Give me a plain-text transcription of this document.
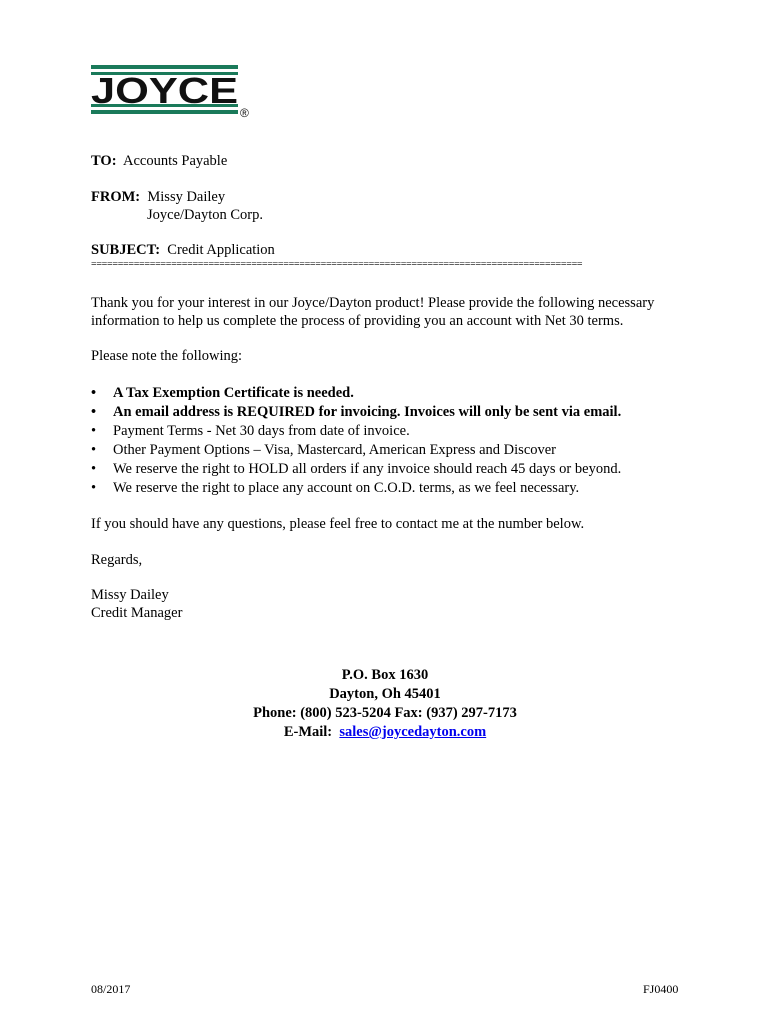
JOYCE
®
TO: Accounts Payable
FROM: Missy Dailey
Joyce/Dayton Corp.
SUBJECT: Credit Application
============================================================================================
Thank you for your interest in our Joyce/Dayton product! Please provide the following necessary
information to help us complete the process of providing you an account with Net 30 terms.
Please note the following:
• A Tax Exemption Certificate is needed.
• An email address is REQUIRED for invoicing. Invoices will only be sent via email.
• Payment Terms - Net 30 days from date of invoice.
• Other Payment Options – Visa, Mastercard, American Express and Discover
• We reserve the right to HOLD all orders if any invoice should reach 45 days or beyond.
• We reserve the right to place any account on C.O.D. terms, as we feel necessary.
If you should have any questions, please feel free to contact me at the number below.
Regards,
Missy Dailey
Credit Manager
P.O. Box 1630
Dayton, Oh 45401
Phone: (800) 523-5204 Fax: (937) 297-7173
E-Mail: sales@joycedayton.com
08/2017	FJ0400
